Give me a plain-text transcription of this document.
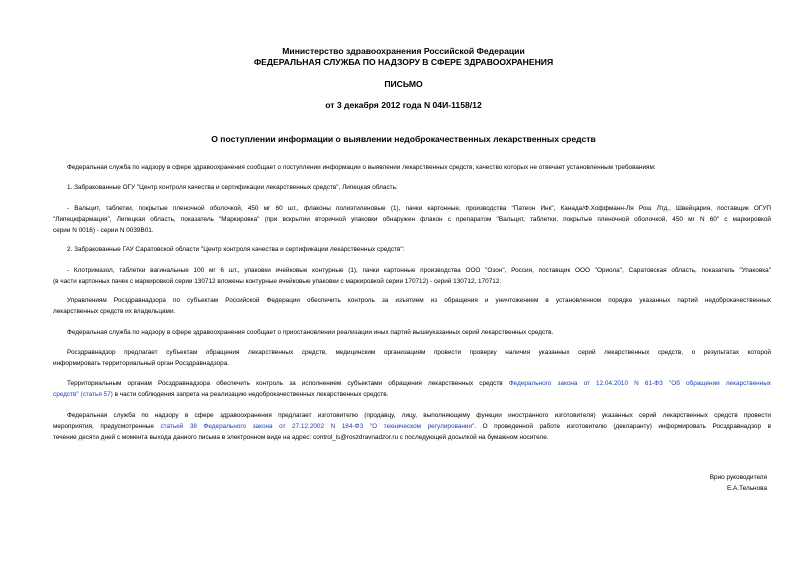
Министерство здравоохранения Российской Федерации
ФЕДЕРАЛЬНАЯ СЛУЖБА ПО НАДЗОРУ В СФЕРЕ ЗДРАВООХРАНЕНИЯ
ПИСЬМО
от 3 декабря 2012 года N 04И-1158/12
О поступлении информации о выявлении недоброкачественных лекарственных средств
Федеральная служба по надзору в сфере здравоохранения сообщает о поступлении информации о выявлении лекарственных средств, качество которых не отвечает установленным требованиям:
1. Забракованные ОГУ "Центр контроля качества и сертификации лекарственных средств", Липецкая область:
- Вальцит, таблетки, покрытые пленочной оболочкой, 450 мг 60 шт., флаконы полиэтиленовые (1), пачки картонные, производства "Патеон Инк", Канада/Ф.Хоффманн-Ля Рош Лтд., Швейцария, поставщик ОГУП
"Липецкфармация", Липецкая область, показатель "Маркировка" (при вскрытии вторичной упаковки обнаружен флакон с препаратом "Вальцит, таблетки, покрытые пленочной оболочкой, 450 мг N 60" с маркировкой
серии N 0016) - серии N 0039B01.
2. Забракованные ГАУ Саратовской области "Центр контроля качества и сертификации лекарственных средств":
- Клотримазол, таблетки вагинальные 100 мг 6 шт., упаковки ячейковые контурные (1), пачки картонные производства ООО "Озон", Россия, поставщик ООО "Ориола", Саратовская область, показатель "Упаковка"
(в части картонных пачек с маркировкой серии 130712 вложены контурные ячейковые упаковки с маркировкой серии 170712) - серий 130712, 170712.
Управлениям Росздравнадзора по субъектам Российской Федерации обеспечить контроль за изъятием из обращения и уничтожением в установленном порядке указанных партий недоброкачественных
лекарственных средств их владельцами.
Федеральная служба по надзору в сфере здравоохранения сообщает о приостановлении реализации иных партий вышеуказанных серий лекарственных средств.
Росздравнадзор предлагает субъектам обращения лекарственных средств, медицинским организациям провести проверку наличия указанных серий лекарственных средств, о результатах которой
информировать территориальный орган Росздравнадзора.
Территориальным органам Росздравнадзора обеспечить контроль за исполнением субъектами обращения лекарственных средств Федерального закона от 12.04.2010 N 61-ФЗ "Об обращении лекарственных
средств" (статья 57) в части соблюдения запрета на реализацию недоброкачественных лекарственных средств.
Федеральная служба по надзору в сфере здравоохранения предлагает изготовителю (продавцу, лицу, выполняющему функции иностранного изготовителя) указанных серий лекарственных средств провести
мероприятия, предусмотренные статьей 38 Федерального закона от 27.12.2002 N 184-ФЗ "О техническом регулировании". О проведенной работе изготовителю (декларанту) информировать Росздравнадзор в
течение десяти дней с момента выхода данного письма в электронном виде на адрес: control_ls@roszdravnadzor.ru с последующей досылкой на бумажном носителе.
Врио руководителя
Е.А.Тельнова
